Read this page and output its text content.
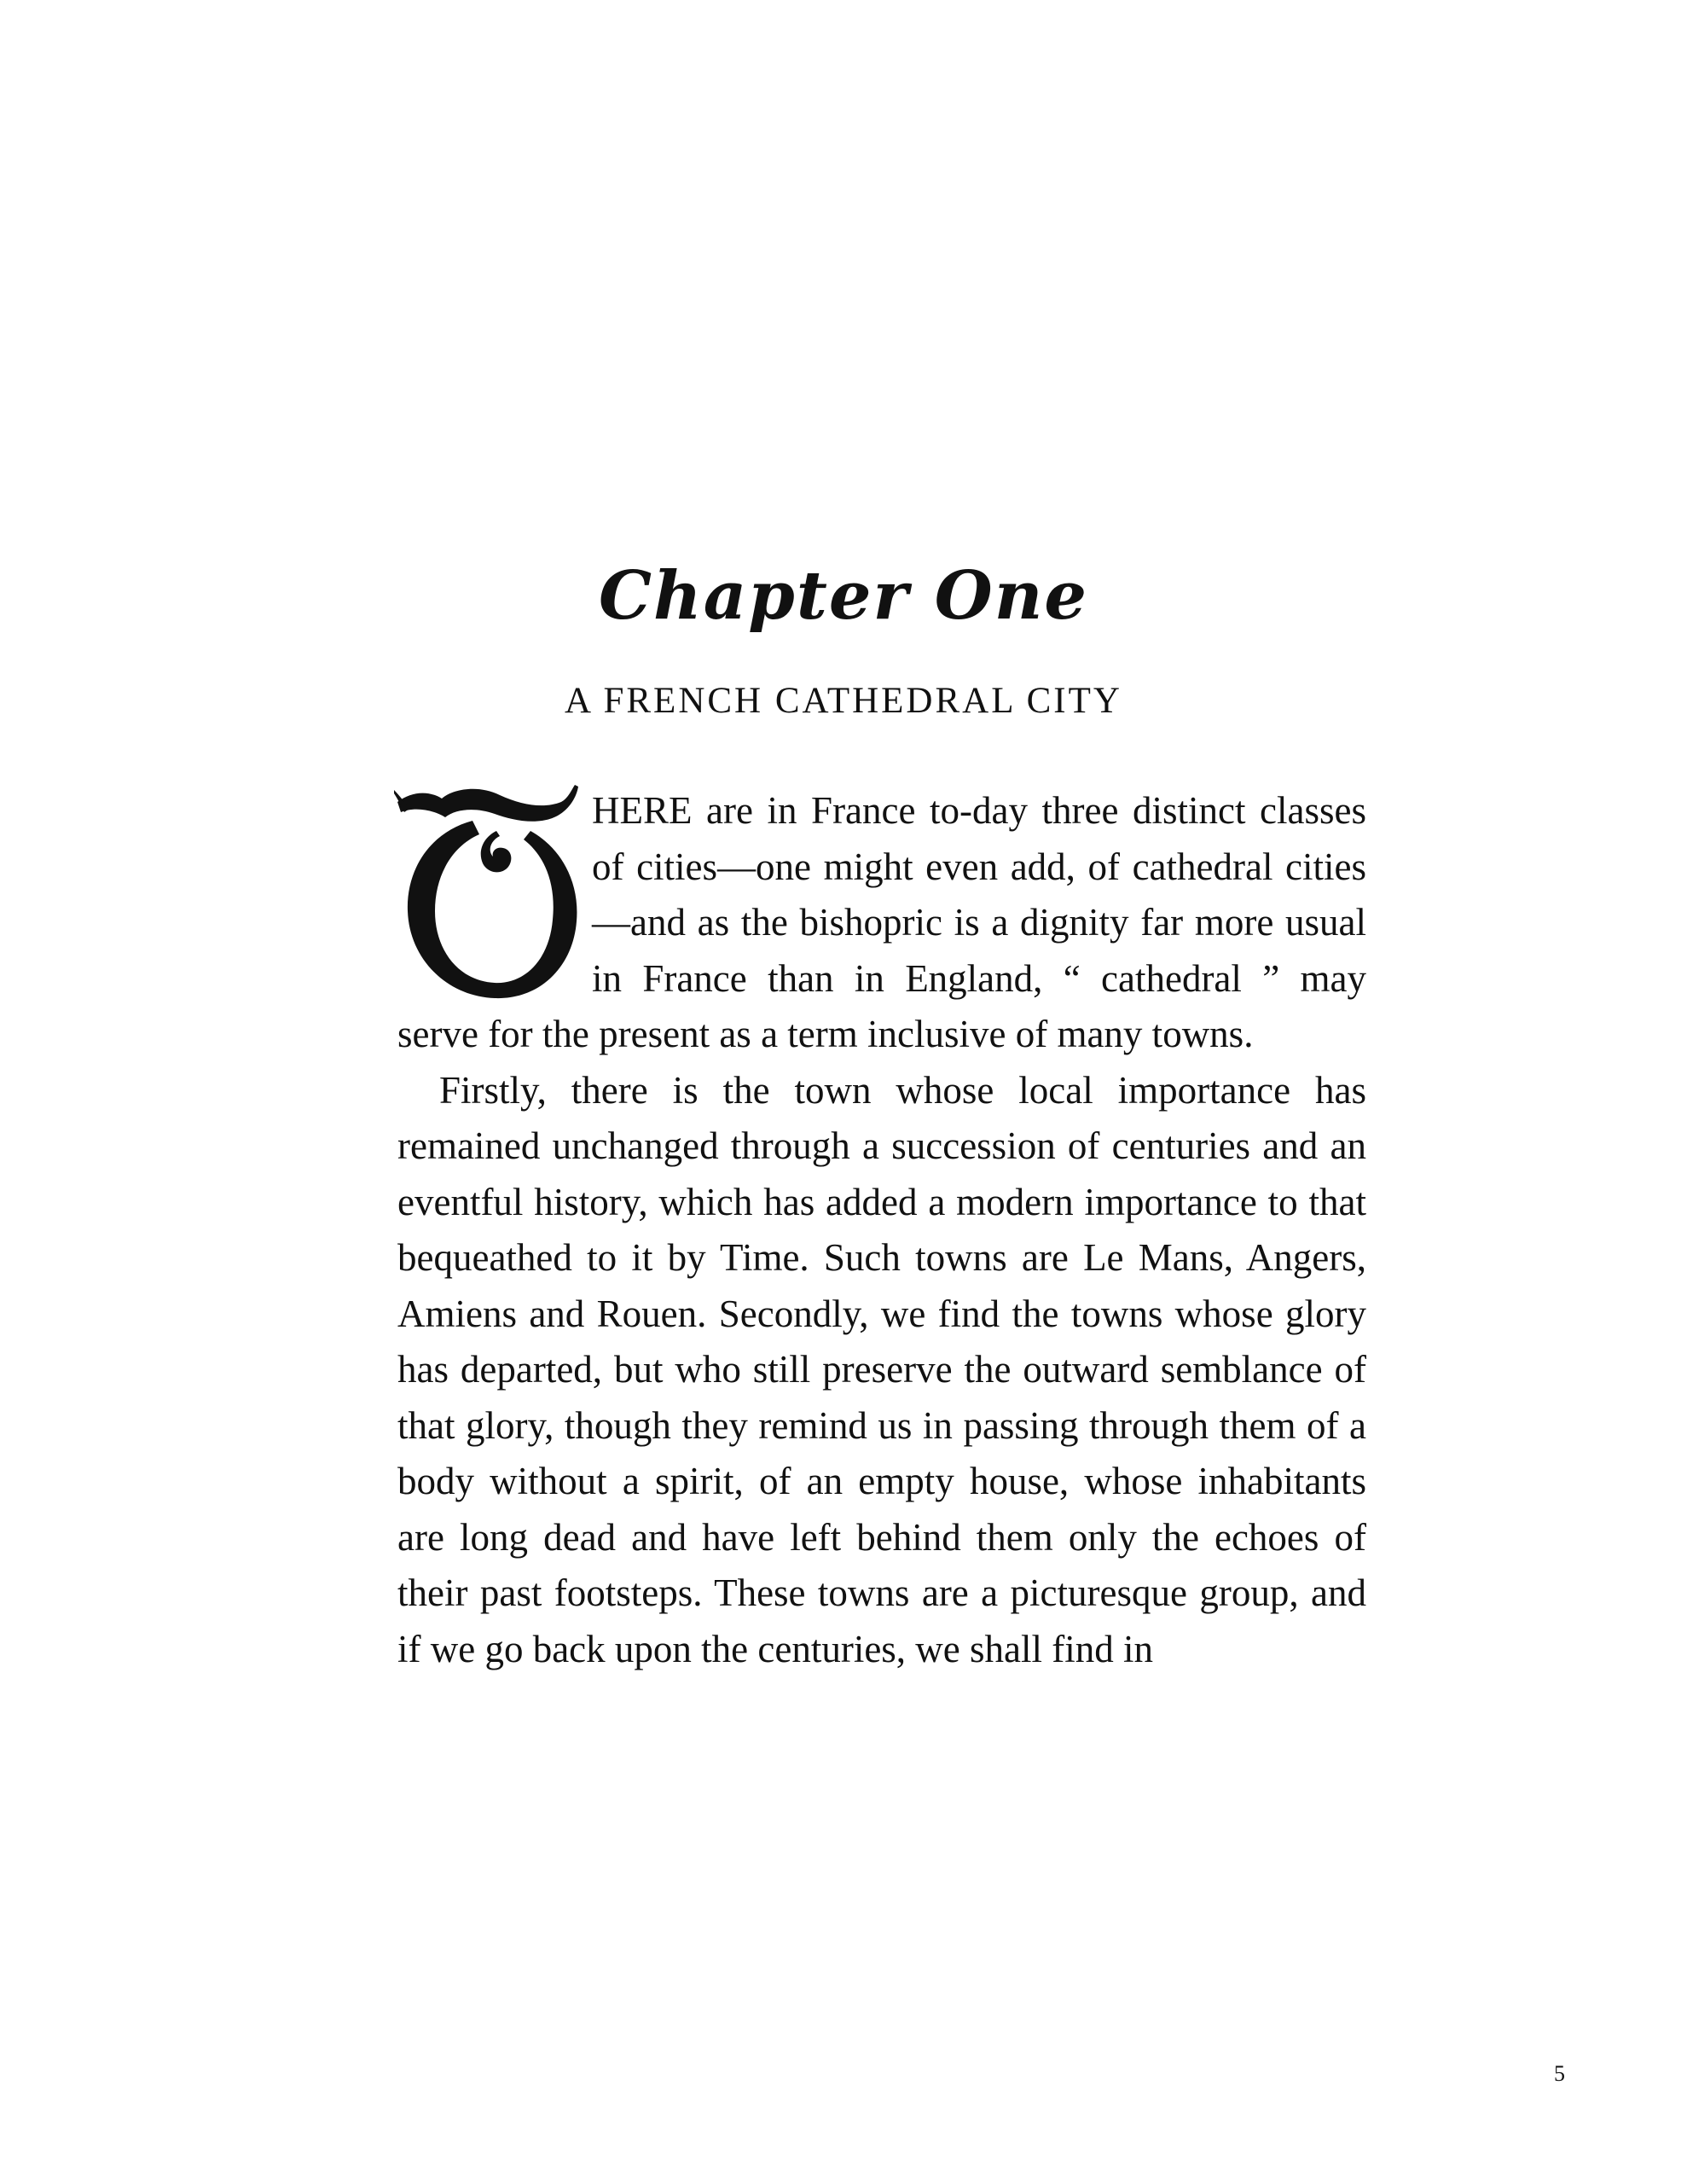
Chapter One
A FRENCH CATHEDRAL CITY

HERE are in France to-day three distinct classes of cities—one might even add, of cathedral cities—and as the bishopric is a dignity far more usual in France than in England, “ cathedral ” may serve for the present as a term inclusive of many towns.

Firstly, there is the town whose local importance has remained unchanged through a succession of centuries and an eventful history, which has added a modern importance to that bequeathed to it by Time. Such towns are Le Mans, Angers, Amiens and Rouen. Secondly, we find the towns whose glory has departed, but who still preserve the outward semblance of that glory, though they remind us in passing through them of a body without a spirit, of an empty house, whose inhabitants are long dead and have left behind them only the echoes of their past footsteps. These towns are a picturesque group, and if we go back upon the centuries, we shall find in

5
